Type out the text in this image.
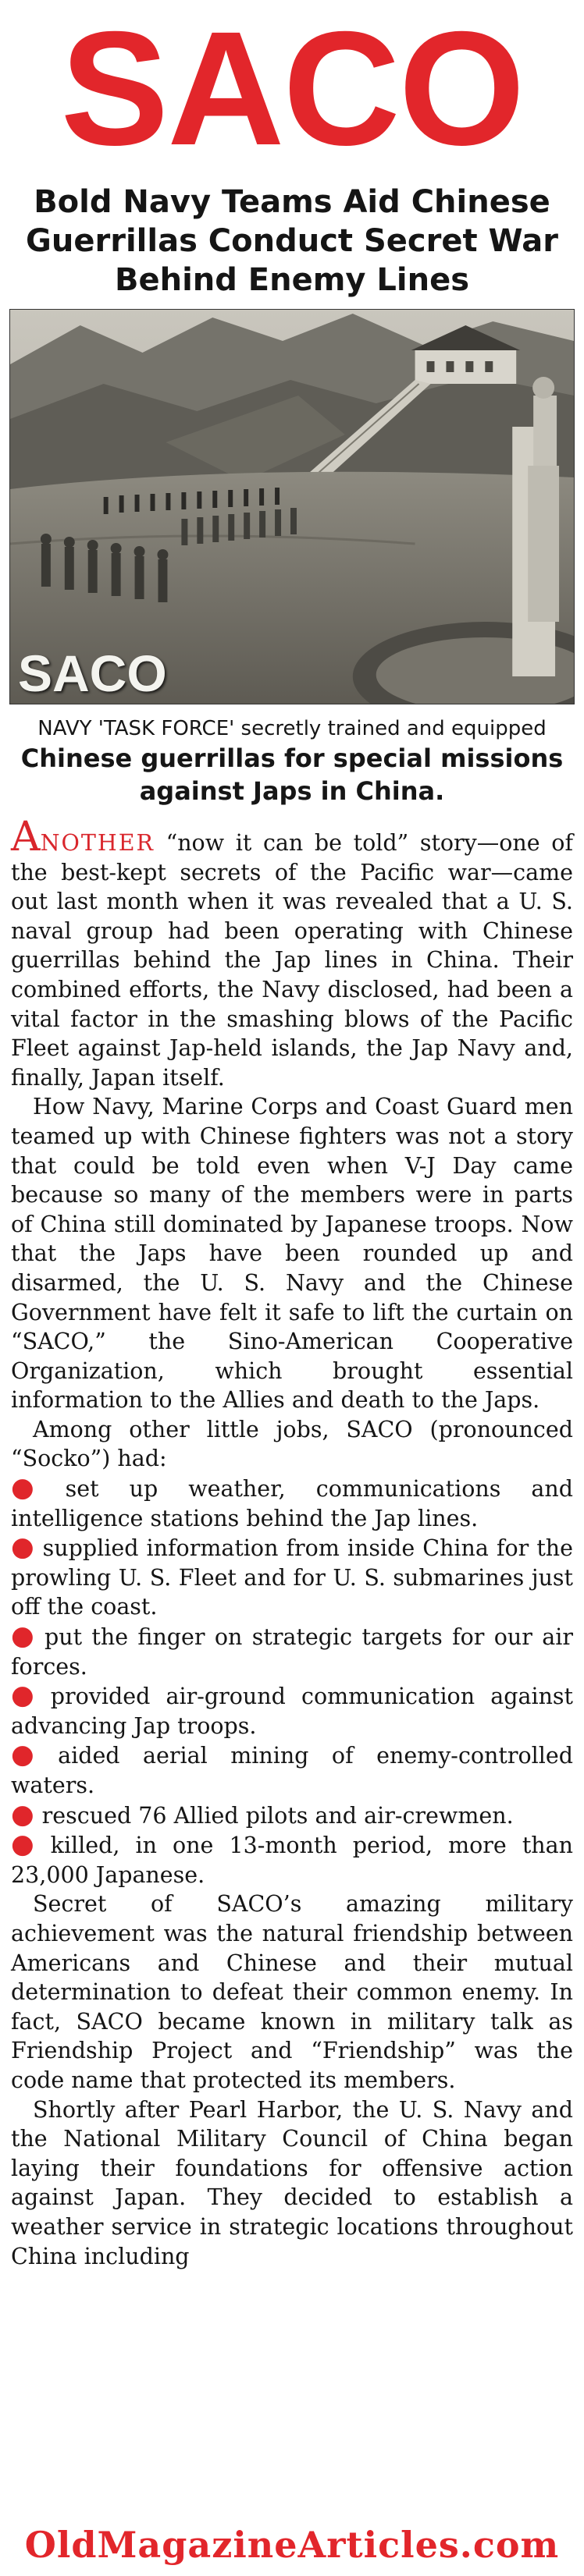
SACO
Bold Navy Teams Aid Chinese Guerrillas Conduct Secret War Behind Enemy Lines
SACO
NAVY 'TASK FORCE' secretly trained and equipped
Chinese guerrillas for special missions against Japs in China.

ANOTHER “now it can be told” story—one of the best-kept secrets of the Pacific war—came out last month when it was revealed that a U. S. naval group had been operating with Chinese guerrillas behind the Jap lines in China. Their combined efforts, the Navy disclosed, had been a vital factor in the smashing blows of the Pacific Fleet against Jap-held islands, the Jap Navy and, finally, Japan itself.

How Navy, Marine Corps and Coast Guard men teamed up with Chinese fighters was not a story that could be told even when V-J Day came because so many of the members were in parts of China still dominated by Japanese troops. Now that the Japs have been rounded up and disarmed, the U. S. Navy and the Chinese Government have felt it safe to lift the curtain on “SACO,” the Sino-American Cooperative Organization, which brought essential information to the Allies and death to the Japs.

Among other little jobs, SACO (pronounced “Socko”) had:

● set up weather, communications and intelligence stations behind the Jap lines.

● supplied information from inside China for the prowling U. S. Fleet and for U. S. submarines just off the coast.

● put the finger on strategic targets for our air forces.

● provided air-ground communication against advancing Jap troops.

● aided aerial mining of enemy-controlled waters.

● rescued 76 Allied pilots and air-crewmen.

● killed, in one 13-month period, more than 23,000 Japanese.

Secret of SACO’s amazing military achievement was the natural friendship between Americans and Chinese and their mutual determination to defeat their common enemy. In fact, SACO became known in military talk as Friendship Project and “Friendship” was the code name that protected its members.

Shortly after Pearl Harbor, the U. S. Navy and the National Military Council of China began laying their foundations for offensive action against Japan. They decided to establish a weather service in strategic locations throughout China including

OldMagazineArticles.com
